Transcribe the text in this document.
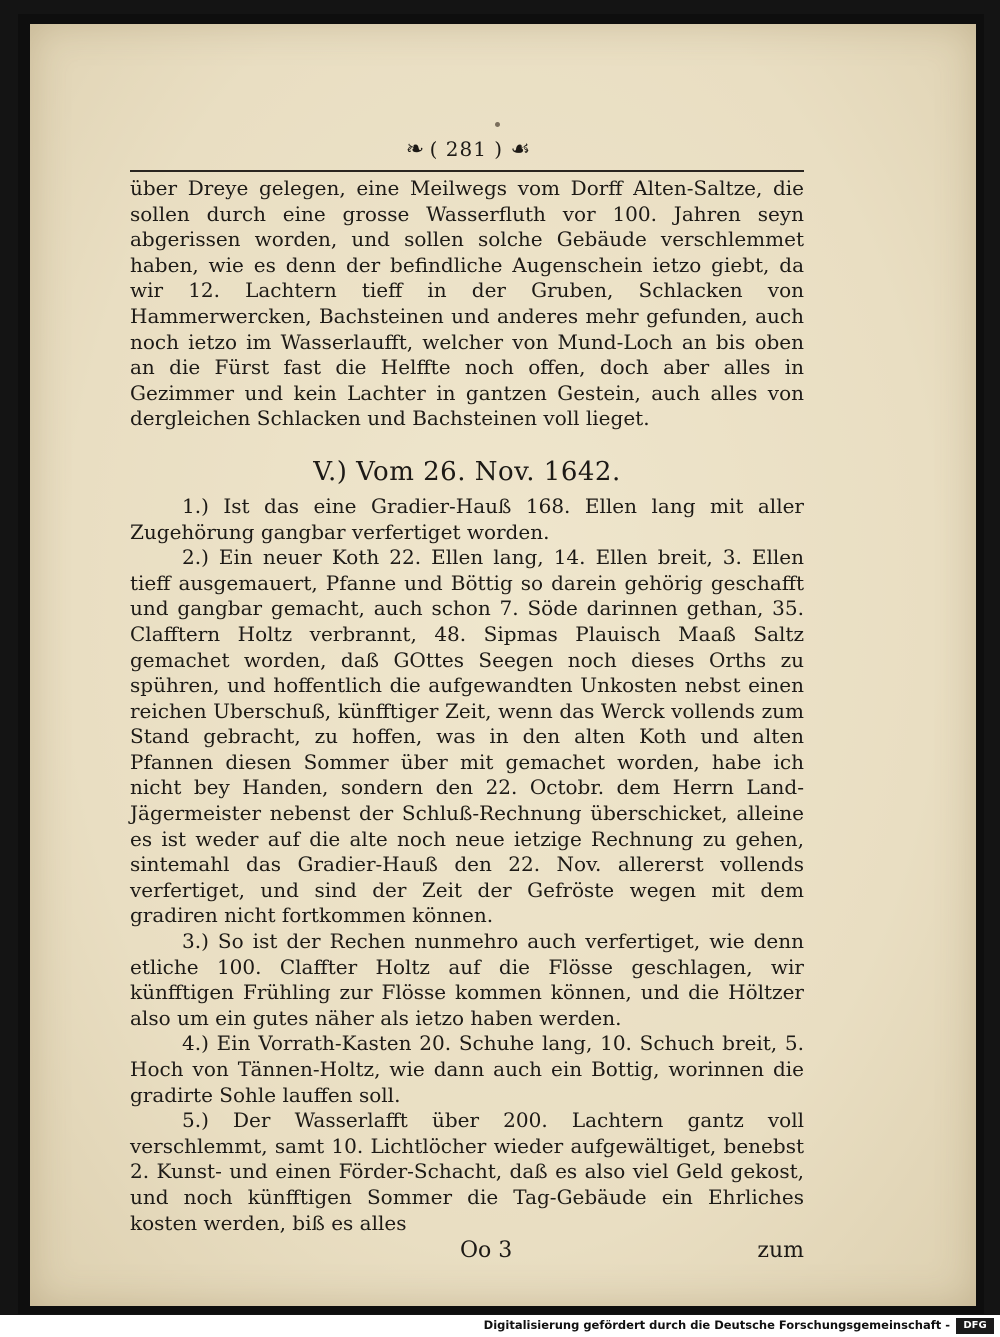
❧ ( 281 ) ☙

über Dreye gelegen, eine Meilwegs vom Dorff Alten-Saltze, die sollen durch eine grosse Wasserfluth vor 100. Jahren seyn abgerissen worden, und sollen solche Gebäude verschlemmet haben, wie es denn der befindliche Augenschein ietzo giebt, da wir 12. Lachtern tieff in der Gruben, Schlacken von Hammerwercken, Bachsteinen und anderes mehr gefunden, auch noch ietzo im Wasserlaufft, welcher von Mund-Loch an bis oben an die Fürst fast die Helffte noch offen, doch aber alles in Gezimmer und kein Lachter in gantzen Gestein, auch alles von dergleichen Schlacken und Bachsteinen voll lieget.

V.) Vom 26. Nov. 1642.

1.) Ist das eine Gradier-Hauß 168. Ellen lang mit aller Zugehörung gangbar verfertiget worden.

2.) Ein neuer Koth 22. Ellen lang, 14. Ellen breit, 3. Ellen tieff ausgemauert, Pfanne und Böttig so darein gehörig geschafft und gangbar gemacht, auch schon 7. Söde darinnen gethan, 35. Clafftern Holtz verbrannt, 48. Sipmas Plauisch Maaß Saltz gemachet worden, daß GOttes Seegen noch dieses Orths zu spühren, und hoffentlich die aufgewandten Unkosten nebst einen reichen Uberschuß, künfftiger Zeit, wenn das Werck vollends zum Stand gebracht, zu hoffen, was in den alten Koth und alten Pfannen diesen Sommer über mit gemachet worden, habe ich nicht bey Handen, sondern den 22. Octobr. dem Herrn Land-Jägermeister nebenst der Schluß-Rechnung überschicket, alleine es ist weder auf die alte noch neue ietzige Rechnung zu gehen, sintemahl das Gradier-Hauß den 22. Nov. allererst vollends verfertiget, und sind der Zeit der Gefröste wegen mit dem gradiren nicht fortkommen können.

3.) So ist der Rechen nunmehro auch verfertiget, wie denn etliche 100. Claffter Holtz auf die Flösse geschlagen, wir künfftigen Frühling zur Flösse kommen können, und die Höltzer also um ein gutes näher als ietzo haben werden.

4.) Ein Vorrath-Kasten 20. Schuhe lang, 10. Schuch breit, 5. Hoch von Tännen-Holtz, wie dann auch ein Bottig, worinnen die gradirte Sohle lauffen soll.

5.) Der Wasserlafft über 200. Lachtern gantz voll verschlemmt, samt 10. Lichtlöcher wieder aufgewältiget, benebst 2. Kunst- und einen Förder-Schacht, daß es also viel Geld gekost, und noch künfftigen Sommer die Tag-Gebäude ein Ehrliches kosten werden, biß es alles

Oo 3	zum
Digitalisierung gefördert durch die Deutsche Forschungsgemeinschaft -	DFG
